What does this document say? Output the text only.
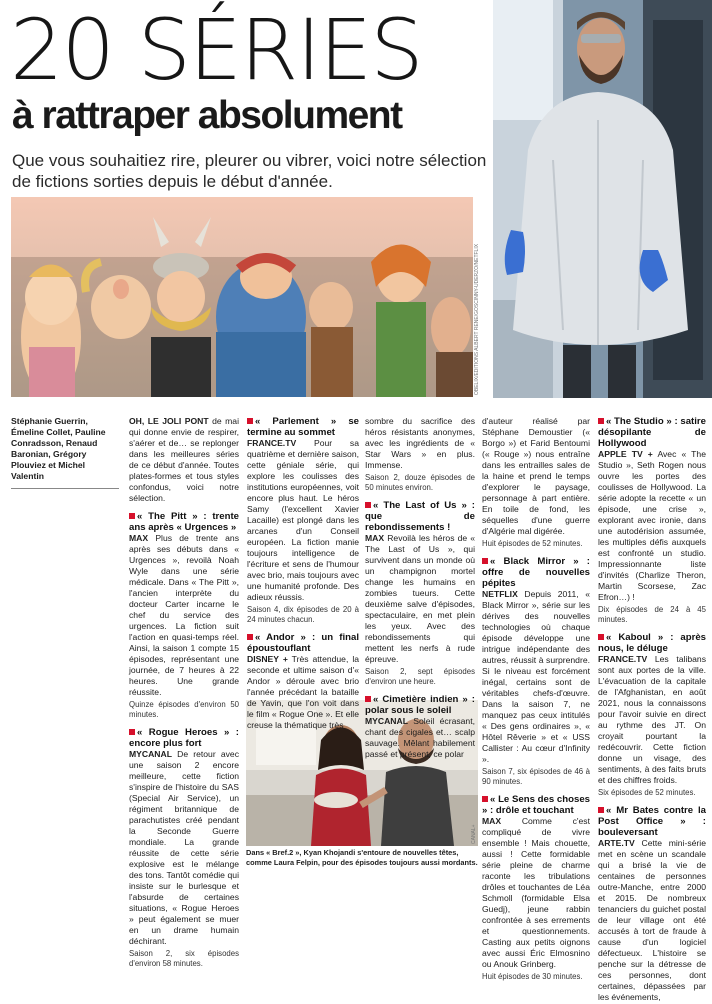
20 SÉRIES
à rattraper absolument
Que vous souhaitiez rire, pleurer ou vibrer, voici notre sélection de fictions sorties depuis le début d'année.
OBELIX/EDITIONS ALBERT RENE/GOSCINNY-UDERZO/NETFLIX
CANAL+
Dans « Bref.2 », Kyan Khojandi s'entoure de nouvelles têtes, comme Laura Felpin, pour des épisodes toujours aussi mordants.

Stéphanie Guerrin, Émeline Collet, Pauline Conradsson, Renaud Baronian, Grégory Plouviez et Michel Valentin

OH, LE JOLI PONT de mai qui donne envie de respirer, s'aérer et de… se replonger dans les meilleures séries de ce début d'année. Toutes plates-formes et tous styles confondus, voici notre sélection.

« The Pitt » : trente ans après « Urgences »

MAX Plus de trente ans après ses débuts dans « Urgences », revoilà Noah Wyle dans une série médicale. Dans « The Pitt », l'ancien interprète du docteur Carter incarne le chef du service des urgences. La fiction suit l'action en quasi-temps réel. Ainsi, la saison 1 compte 15 épisodes, représentant une journée, de 7 heures à 22 heures. Une grande réussite.

Quinze épisodes d'environ 50 minutes.

« Rogue Heroes » : encore plus fort

MYCANAL De retour avec une saison 2 encore meilleure, cette fiction s'inspire de l'histoire du SAS (Special Air Service), un régiment britannique de parachutistes créé pendant la Seconde Guerre mondiale. La grande réussite de cette série explosive est le mélange des tons. Tantôt comédie qui insiste sur le burlesque et l'absurde de certaines situations, « Rogue Heroes » peut également se muer en un drame humain déchirant.

Saison 2, six épisodes d'environ 58 minutes.

« Parlement » se termine au sommet

FRANCE.TV Pour sa quatrième et dernière saison, cette géniale série, qui explore les coulisses des institutions européennes, voit encore plus haut. Le héros Samy (l'excellent Xavier Lacaille) est plongé dans les arcanes d'un Conseil européen. La fiction manie toujours intelligence de l'écriture et sens de l'humour avec brio, mais toujours avec une humanité profonde. Des adieux réussis.

Saison 4, dix épisodes de 20 à 24 minutes chacun.

« Andor » : un final époustouflant

DISNEY + Très attendue, la seconde et ultime saison d'« Andor » déroule avec brio l'année précédant la bataille de Yavin, que l'on voit dans le film « Rogue One ». Et elle creuse la thématique très

sombre du sacrifice des héros résistants anonymes, avec les ingrédients de « Star Wars » en plus. Immense.

Saison 2, douze épisodes de 50 minutes environ.

« The Last of Us » : que de rebondissements !

MAX Revoilà les héros de « The Last of Us », qui survivent dans un monde où un champignon mortel change les humains en zombies tueurs. Cette deuxième salve d'épisodes, spectaculaire, en met plein les yeux. Avec des rebondissements qui mettent les nerfs à rude épreuve.

Saison 2, sept épisodes d'environ une heure.

« Cimetière indien » : polar sous le soleil

MYCANAL Soleil écrasant, chant des cigales et… scalp sauvage. Mêlant habilement passé et présent, ce polar

d'auteur réalisé par Stéphane Demoustier (« Borgo ») et Farid Bentoumi (« Rouge ») nous entraîne dans les entrailles sales de la haine et prend le temps d'explorer le paysage, personnage à part entière. En toile de fond, les séquelles d'une guerre d'Algérie mal digérée.

Huit épisodes de 52 minutes.

« Black Mirror » : offre de nouvelles pépites

NETFLIX Depuis 2011, « Black Mirror », série sur les dérives des nouvelles technologies où chaque épisode développe une intrigue indépendante des autres, réussit à surprendre. Si le niveau est forcément inégal, certains sont de véritables chefs-d'œuvre. Dans la saison 7, ne manquez pas ceux intitulés « Des gens ordinaires », « Hôtel Rêverie » et « USS Callister : Au cœur d'Infinity ».

Saison 7, six épisodes de 46 à 90 minutes.

« Le Sens des choses » : drôle et touchant

MAX Comme c'est compliqué de vivre ensemble ! Mais chouette, aussi ! Cette formidable série pleine de charme raconte les tribulations drôles et touchantes de Léa Schmoll (formidable Elsa Guedj), jeune rabbin confrontée à ses errements et questionnements. Casting aux petits oignons avec aussi Éric Elmosnino ou Anouk Grinberg.

Huit épisodes de 30 minutes.

« The Studio » : satire désopilante de Hollywood

APPLE TV + Avec « The Studio », Seth Rogen nous ouvre les portes des coulisses de Hollywood. La série adopte la recette « un épisode, une crise », explorant avec ironie, dans une autodérision assumée, les multiples défis auxquels est confronté un studio. Impressionnante liste d'invités (Charlize Theron, Martin Scorsese, Zac Efron…) !

Dix épisodes de 24 à 45 minutes.

« Kaboul » : après nous, le déluge

FRANCE.TV Les talibans sont aux portes de la ville. L'évacuation de la capitale de l'Afghanistan, en août 2021, nous la connaissons pour l'avoir suivie en direct au rythme des JT. On croyait pourtant la redécouvrir. Cette fiction donne un visage, des sentiments, à des faits bruts et des chiffres froids.

Six épisodes de 52 minutes.

« Mr Bates contre la Post Office » : bouleversant

ARTE.TV Cette mini-série met en scène un scandale qui a brisé la vie de centaines de personnes outre-Manche, entre 2000 et 2015. De nombreux tenanciers du guichet postal de leur village ont été accusés à tort de fraude à cause d'un logiciel défectueux. L'histoire se penche sur la détresse de ces personnes, dont certaines, dépassées par les événements,
